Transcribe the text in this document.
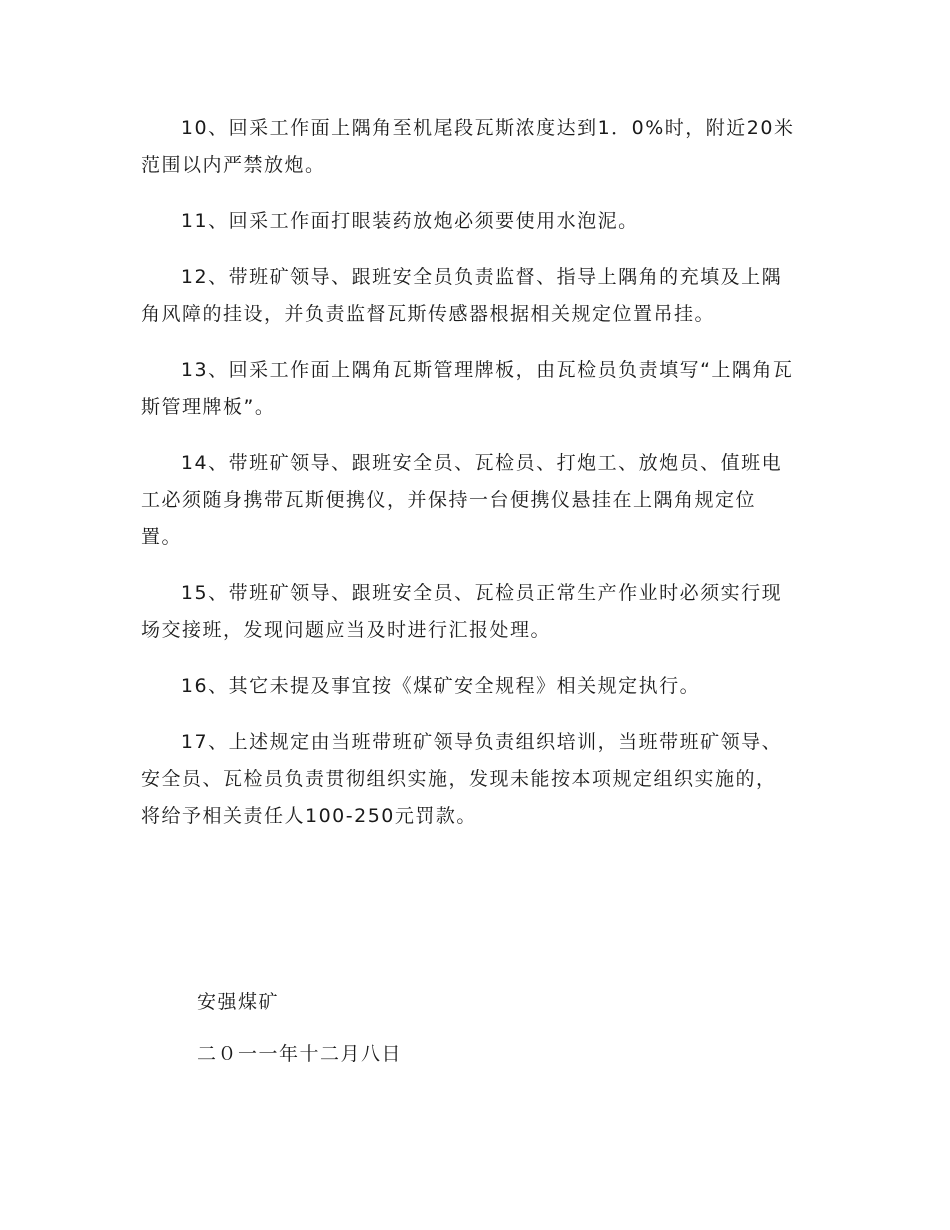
10、回采工作面上隅角至机尾段瓦斯浓度达到1．0%时，附近20米范围以内严禁放炮。

11、回采工作面打眼装药放炮必须要使用水泡泥。

12、带班矿领导、跟班安全员负责监督、指导上隅角的充填及上隅角风障的挂设，并负责监督瓦斯传感器根据相关规定位置吊挂。

13、回采工作面上隅角瓦斯管理牌板，由瓦检员负责填写“上隅角瓦斯管理牌板”。

14、带班矿领导、跟班安全员、瓦检员、打炮工、放炮员、值班电工必须随身携带瓦斯便携仪，并保持一台便携仪悬挂在上隅角规定位置。

15、带班矿领导、跟班安全员、瓦检员正常生产作业时必须实行现场交接班，发现问题应当及时进行汇报处理。

16、其它未提及事宜按《煤矿安全规程》相关规定执行。

17、上述规定由当班带班矿领导负责组织培训，当班带班矿领导、安全员、瓦检员负责贯彻组织实施，发现未能按本项规定组织实施的，将给予相关责任人100-250元罚款。

安强煤矿

二０一一年十二月八日
